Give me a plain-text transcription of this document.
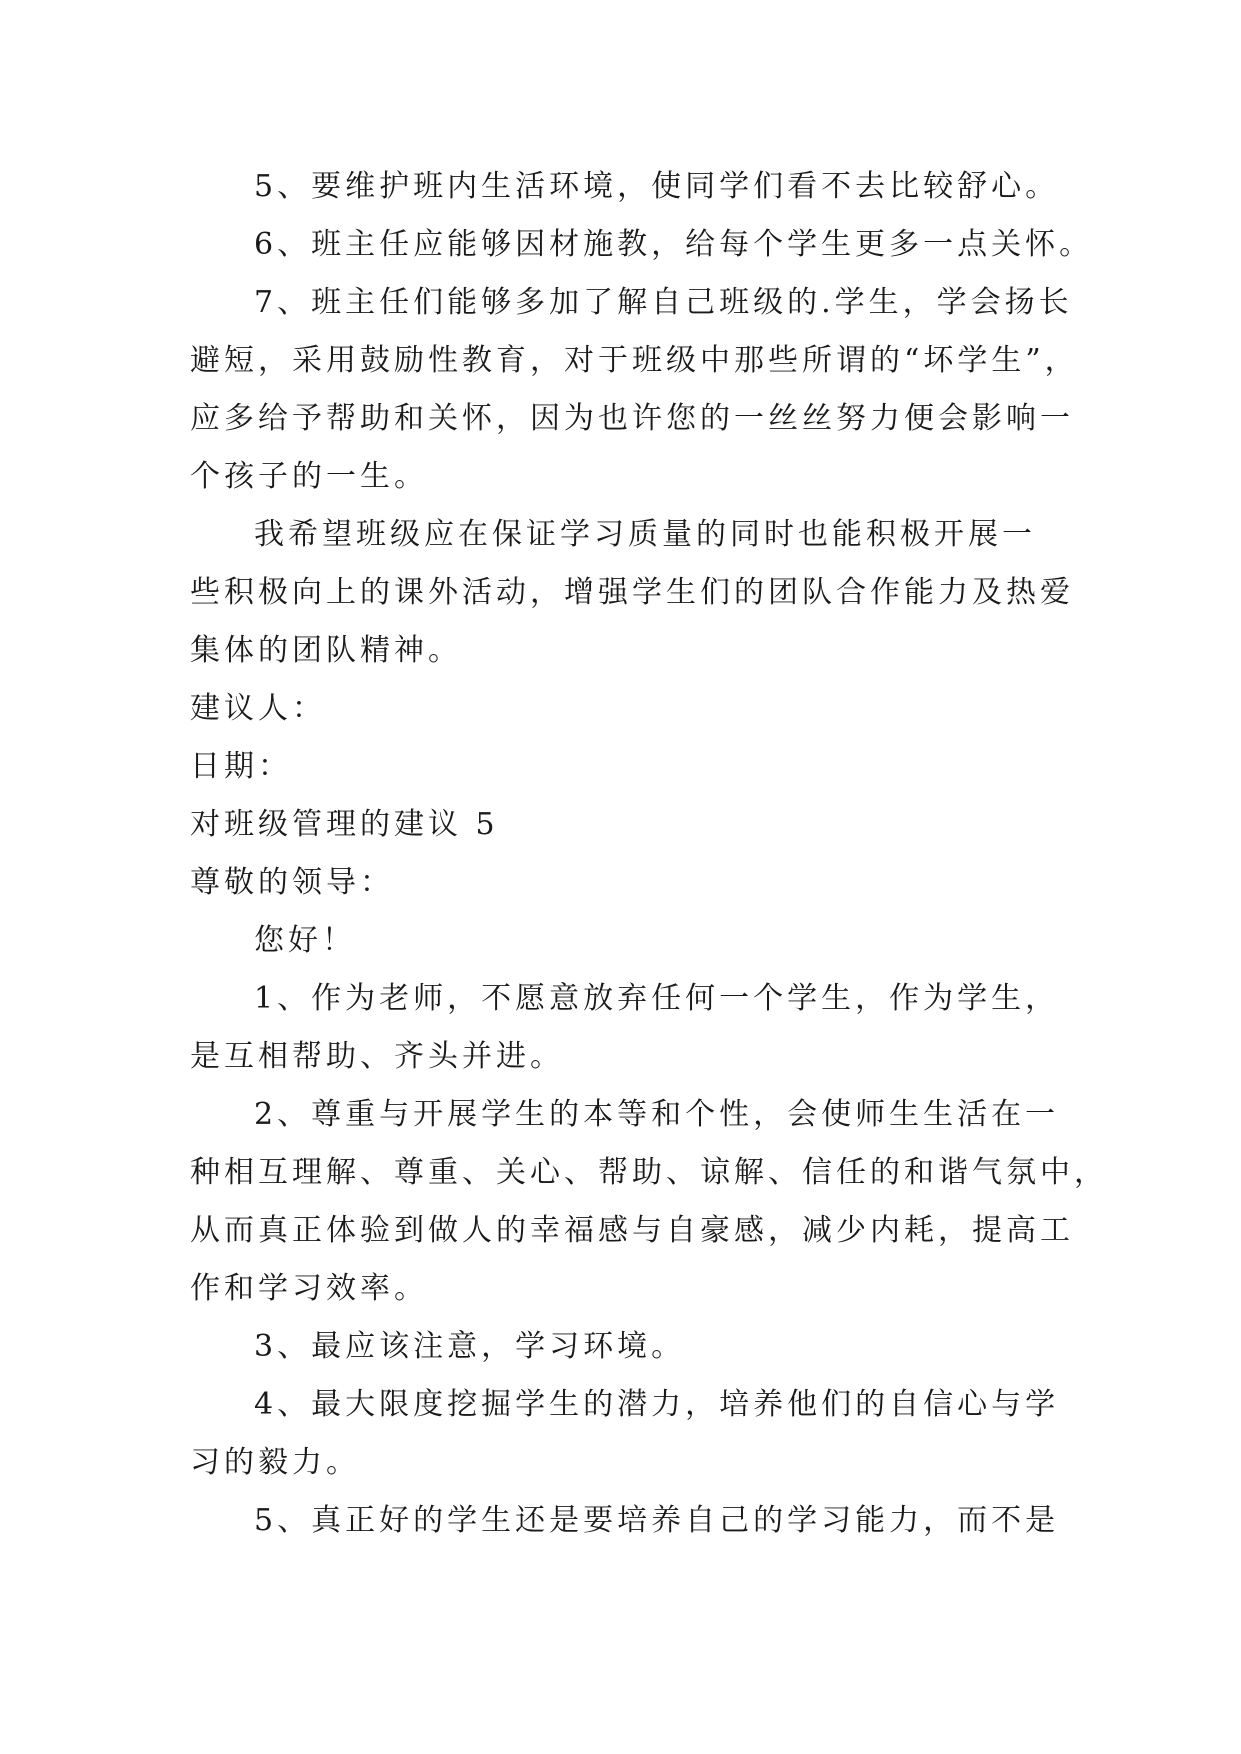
5、要维护班内生活环境，使同学们看不去比较舒心。
6、班主任应能够因材施教，给每个学生更多一点关怀。
7、班主任们能够多加了解自己班级的.学生，学会扬长
避短，采用鼓励性教育，对于班级中那些所谓的“坏学生”，
应多给予帮助和关怀，因为也许您的一丝丝努力便会影响一
个孩子的一生。
我希望班级应在保证学习质量的同时也能积极开展一
些积极向上的课外活动，增强学生们的团队合作能力及热爱
集体的团队精神。
建议人：
日期：
对班级管理的建议 5
尊敬的领导：
您好！
1、作为老师，不愿意放弃任何一个学生，作为学生，
是互相帮助、齐头并进。
2、尊重与开展学生的本等和个性，会使师生生活在一
种相互理解、尊重、关心、帮助、谅解、信任的和谐气氛中，
从而真正体验到做人的幸福感与自豪感，减少内耗，提高工
作和学习效率。
3、最应该注意，学习环境。
4、最大限度挖掘学生的潜力，培养他们的自信心与学
习的毅力。
5、真正好的学生还是要培养自己的学习能力，而不是
